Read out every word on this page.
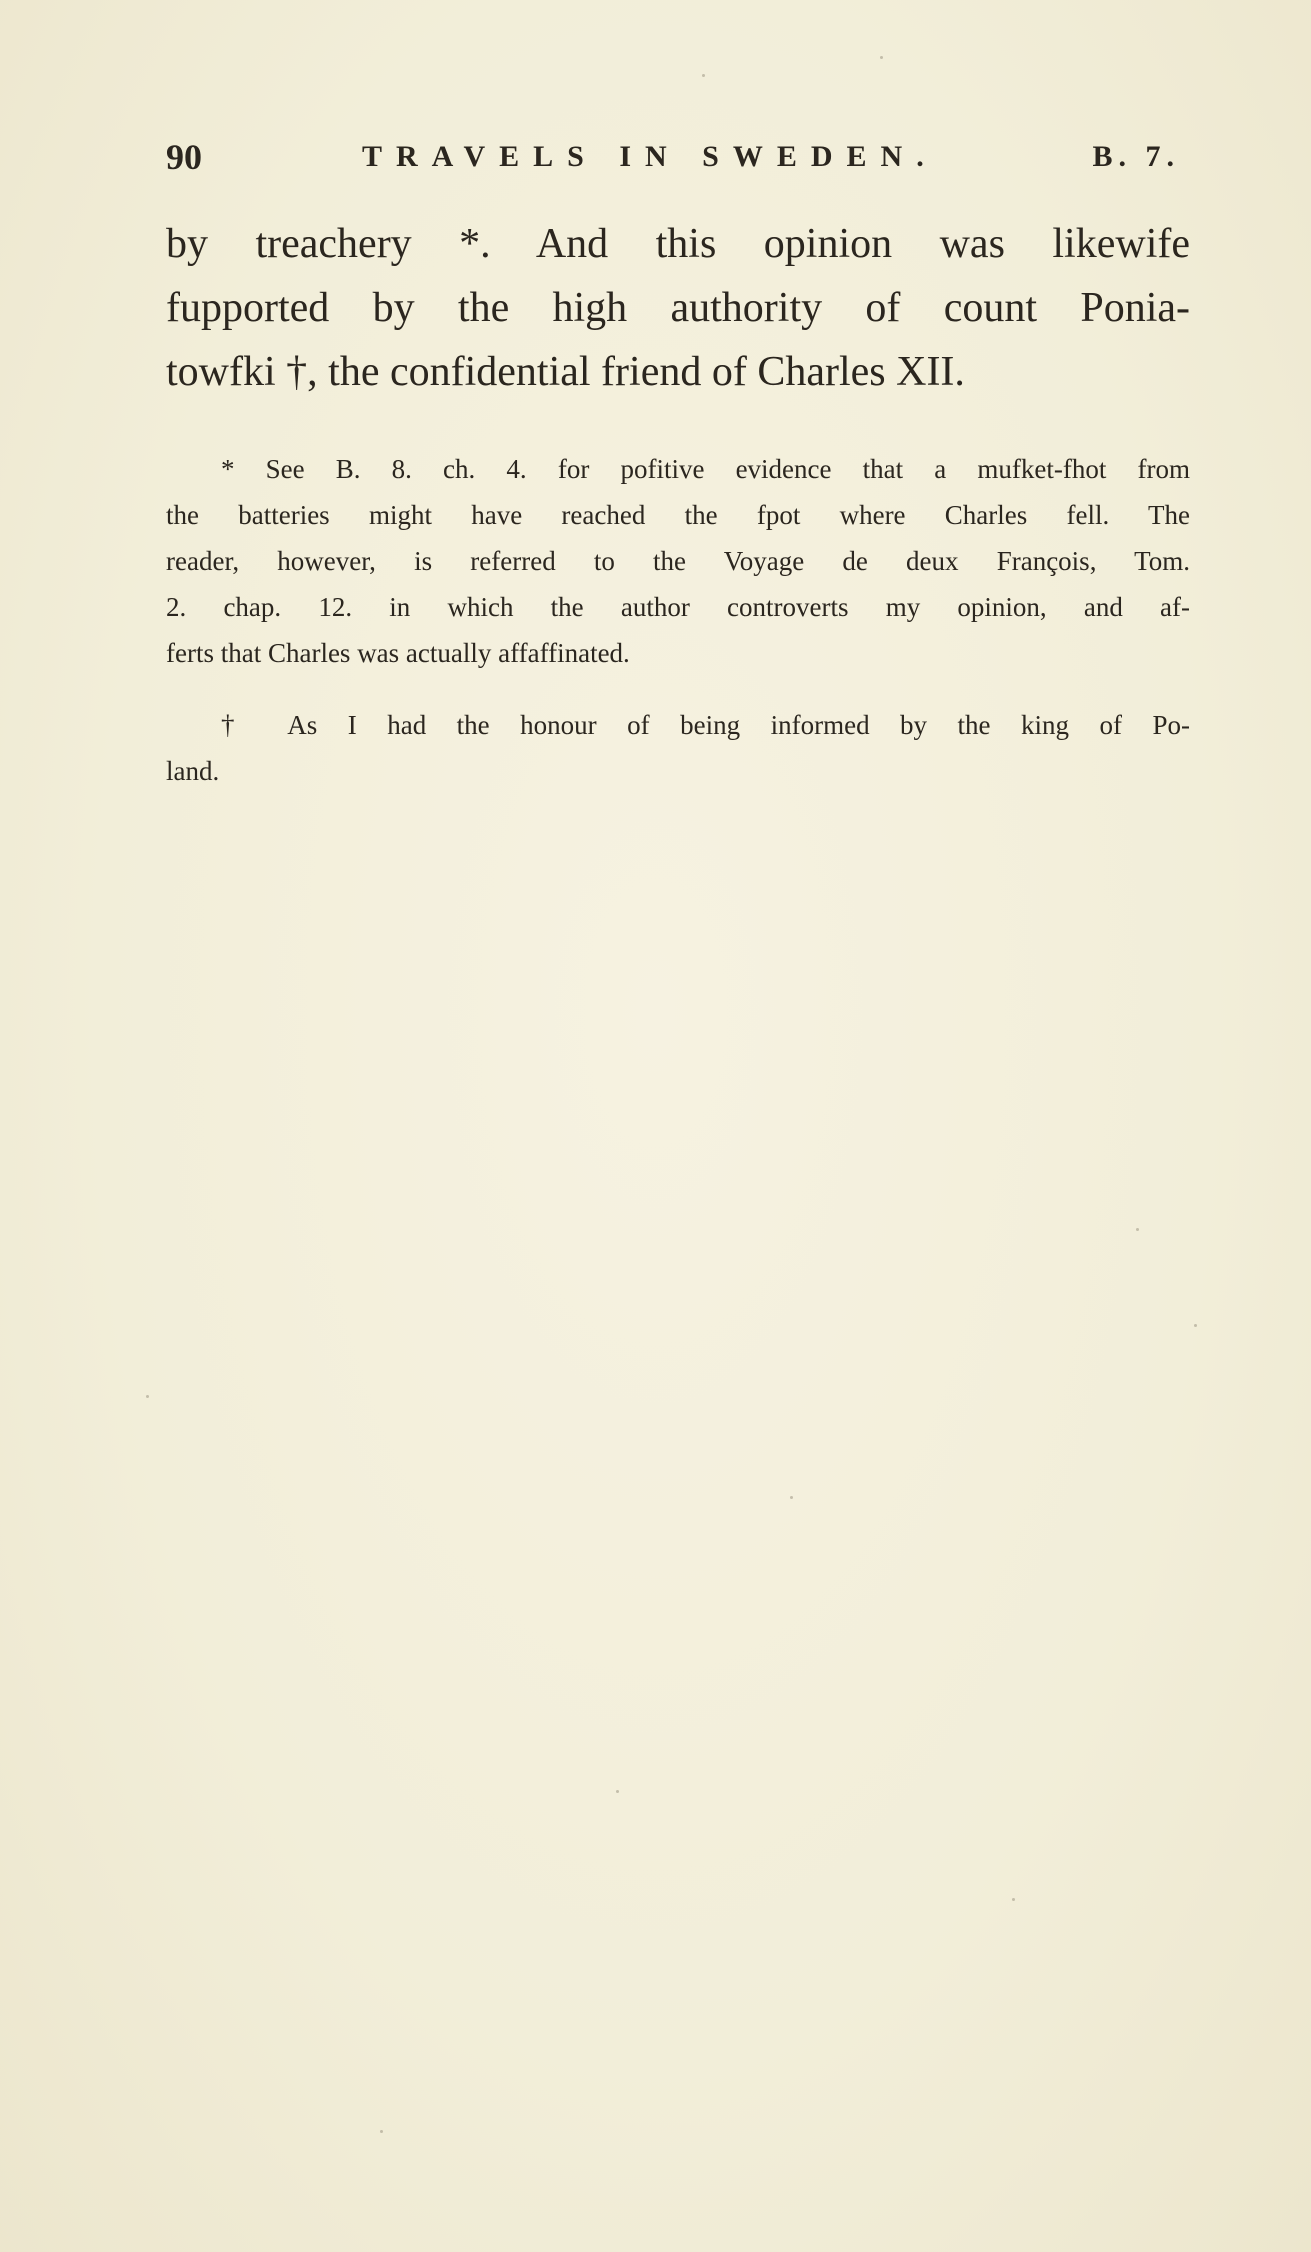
90	TRAVELS IN SWEDEN.	B. 7.
by treachery *. And this opinion was likewife
fupported by the high authority of count Ponia-
towfki †, the confidential friend of Charles XII.
* See B. 8. ch. 4. for pofitive evidence that a mufket-fhot from
the batteries might have reached the fpot where Charles fell. The
reader, however, is referred to the Voyage de deux François, Tom.
2. chap. 12. in which the author controverts my opinion, and af-
ferts that Charles was actually affaffinated.
† As I had the honour of being informed by the king of Po-
land.
